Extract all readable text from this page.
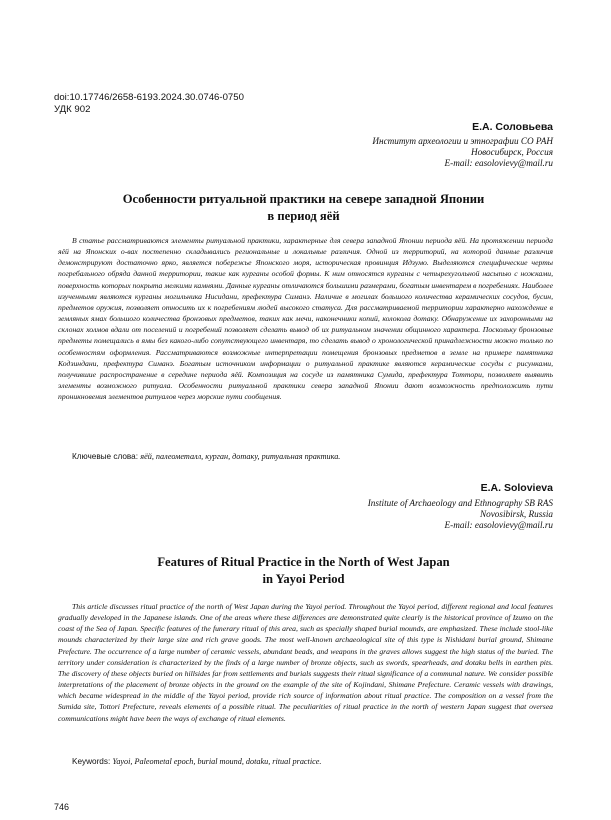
doi:10.17746/2658-6193.2024.30.0746-0750
УДК 902
Е.А. Соловьева
Институт археологии и этнографии СО РАН
Новосибирск, Россия
E-mail: easolovievy@mail.ru
Особенности ритуальной практики на севере западной Японии
в период яёй

В статье рассматриваются элементы ритуальной практики, характерные для севера западной Японии периода яёй. На протяжении периода яёй на Японских о-вах постепенно складывались региональные и локальные различия. Одной из территорий, на которой данные различия демонстрируют достаточно ярко, является побережье Японского моря, историческая провинция Идзумо. Выделяются специфические черты погребального обряда данной территории, такие как курганы особой формы. К ним относятся курганы с четырехугольной насыпью с ножками, поверхность которых покрыта мелкими камнями. Данные курганы отличаются большими размерами, богатым инвентарем в погребениях. Наиболее изученными являются курганы могильника Нисидани, префектура Симанэ. Наличие в могилах большого количества керамических сосудов, бусин, предметов оружия, позволяет относить их к погребениям людей высокого статуса. Для рассматриваемой территории характерно нахождение в земляных ямах большого количества бронзовых предметов, таких как мечи, наконечники копий, колокола дотаку. Обнаружение их захоронными на склонах холмов вдали от поселений и погребений позволяет сделать вывод об их ритуальном значении общинного характера. Поскольку бронзовые предметы помещались в ямы без какого-либо сопутствующего инвентаря, то сделать вывод о хронологической принадлежности можно только по особенностям оформления. Рассматриваются возможные интерпретации помещения бронзовых предметов в земле на примере памятника Кодзиндани, префектура Симанэ. Богатым источником информации о ритуальной практике являются керамические сосуды с рисунками, получившие распространение в середине периода яёй. Композиция на сосуде из памятника Сумида, префектура Тоттори, позволяет выявить элементы возможного ритуала. Особенности ритуальной практики севера западной Японии дают возможность предположить пути проникновения элементов ритуалов через морские пути сообщения.

Ключевые слова: яёй, палеометалл, курган, дотаку, ритуальная практика.
E.A. Solovieva
Institute of Archaeology and Ethnography SB RAS
Novosibirsk, Russia
E-mail: easolovievy@mail.ru
Features of Ritual Practice in the North of West Japan
in Yayoi Period

This article discusses ritual practice of the north of West Japan during the Yayoi period. Throughout the Yayoi period, different regional and local features gradually developed in the Japanese islands. One of the areas where these differences are demonstrated quite clearly is the historical province of Izumo on the coast of the Sea of Japan. Specific features of the funerary ritual of this area, such as specially shaped burial mounds, are emphasized. These include stool-like mounds characterized by their large size and rich grave goods. The most well-known archaeological site of this type is Nishidani burial ground, Shimane Prefecture. The occurrence of a large number of ceramic vessels, abundant beads, and weapons in the graves allows suggest the high status of the buried. The territory under consideration is characterized by the finds of a large number of bronze objects, such as swords, spearheads, and dotaku bells in earthen pits. The discovery of these objects buried on hillsides far from settlements and burials suggests their ritual significance of a communal nature. We consider possible interpretations of the placement of bronze objects in the ground on the example of the site of Kojindani, Shimane Prefecture. Ceramic vessels with drawings, which became widespread in the middle of the Yayoi period, provide rich source of information about ritual practice. The composition on a vessel from the Sumida site, Tottori Prefecture, reveals elements of a possible ritual. The peculiarities of ritual practice in the north of western Japan suggest that oversea communications might have been the ways of exchange of ritual elements.

Keywords: Yayoi, Paleometal epoch, burial mound, dotaku, ritual practice.
746
